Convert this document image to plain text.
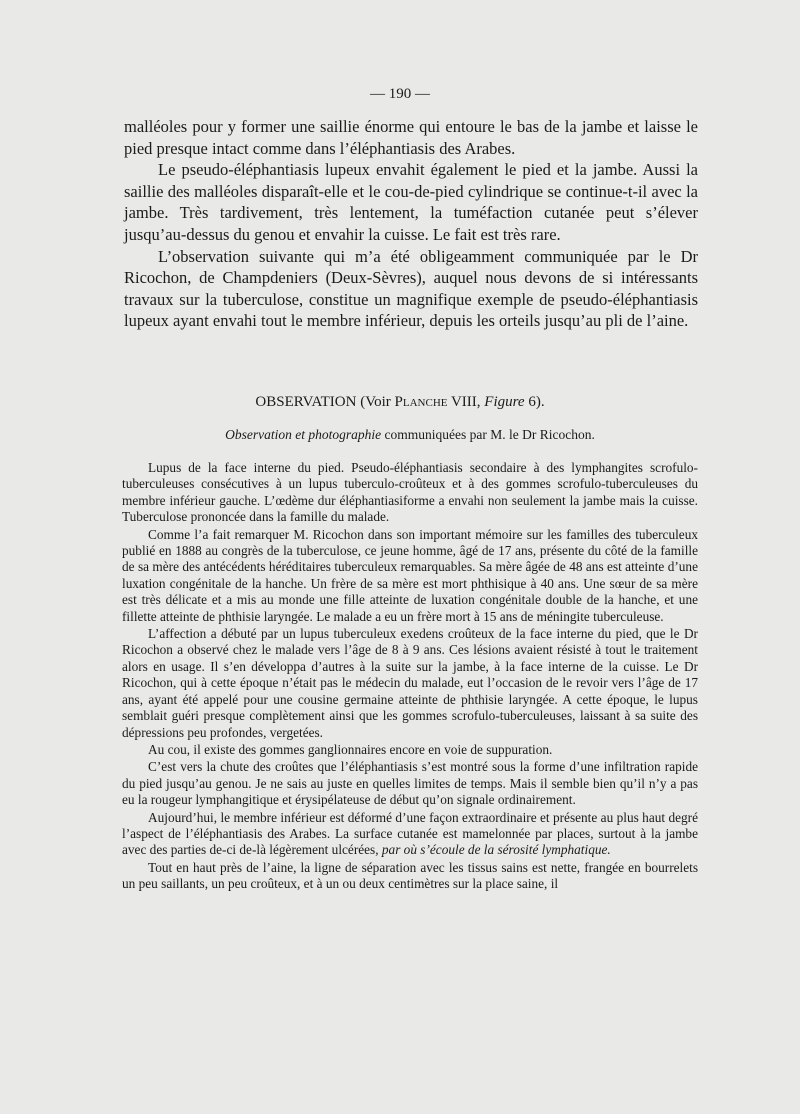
— 190 —

malléoles pour y former une saillie énorme qui entoure le bas de la jambe et laisse le pied presque intact comme dans l’éléphantiasis des Arabes.

Le pseudo-éléphantiasis lupeux envahit également le pied et la jambe. Aussi la saillie des malléoles disparaît-elle et le cou-de-pied cylindrique se continue-t-il avec la jambe. Très tardivement, très lentement, la tuméfaction cutanée peut s’élever jusqu’au-dessus du genou et envahir la cuisse. Le fait est très rare.

L’observation suivante qui m’a été obligeamment communiquée par le Dr Ricochon, de Champdeniers (Deux-Sèvres), auquel nous devons de si intéressants travaux sur la tuberculose, constitue un magnifique exemple de pseudo-éléphantiasis lupeux ayant envahi tout le membre inférieur, depuis les orteils jusqu’au pli de l’aine.

OBSERVATION (Voir Planche VIII, Figure 6).
Observation et photographie communiquées par M. le Dr Ricochon.

Lupus de la face interne du pied. Pseudo-éléphantiasis secondaire à des lymphangites scrofulo-tuberculeuses consécutives à un lupus tuberculo-croûteux et à des gommes scrofulo-tuberculeuses du membre inférieur gauche. L’œdème dur éléphantiasiforme a envahi non seulement la jambe mais la cuisse. Tuberculose prononcée dans la famille du malade.

Comme l’a fait remarquer M. Ricochon dans son important mémoire sur les familles des tuberculeux publié en 1888 au congrès de la tuberculose, ce jeune homme, âgé de 17 ans, présente du côté de la famille de sa mère des antécédents héréditaires tuberculeux remarquables. Sa mère âgée de 48 ans est atteinte d’une luxation congénitale de la hanche. Un frère de sa mère est mort phthisique à 40 ans. Une sœur de sa mère est très délicate et a mis au monde une fille atteinte de luxation congénitale double de la hanche, et une fillette atteinte de phthisie laryngée. Le malade a eu un frère mort à 15 ans de méningite tuberculeuse.

L’affection a débuté par un lupus tuberculeux exedens croûteux de la face interne du pied, que le Dr Ricochon a observé chez le malade vers l’âge de 8 à 9 ans. Ces lésions avaient résisté à tout le traitement alors en usage. Il s’en développa d’autres à la suite sur la jambe, à la face interne de la cuisse. Le Dr Ricochon, qui à cette époque n’était pas le médecin du malade, eut l’occasion de le revoir vers l’âge de 17 ans, ayant été appelé pour une cousine germaine atteinte de phthisie laryngée. A cette époque, le lupus semblait guéri presque complètement ainsi que les gommes scrofulo-tuberculeuses, laissant à sa suite des dépressions peu profondes, vergetées.

Au cou, il existe des gommes ganglionnaires encore en voie de suppuration.

C’est vers la chute des croûtes que l’éléphantiasis s’est montré sous la forme d’une infiltration rapide du pied jusqu’au genou. Je ne sais au juste en quelles limites de temps. Mais il semble bien qu’il n’y a pas eu la rougeur lymphangitique et érysipélateuse de début qu’on signale ordinairement.

Aujourd’hui, le membre inférieur est déformé d’une façon extraordinaire et présente au plus haut degré l’aspect de l’éléphantiasis des Arabes. La surface cutanée est mamelonnée par places, surtout à la jambe avec des parties de-ci de-là légèrement ulcérées, par où s’écoule de la sérosité lymphatique.

Tout en haut près de l’aine, la ligne de séparation avec les tissus sains est nette, frangée en bourrelets un peu saillants, un peu croûteux, et à un ou deux centimètres sur la place saine, il
